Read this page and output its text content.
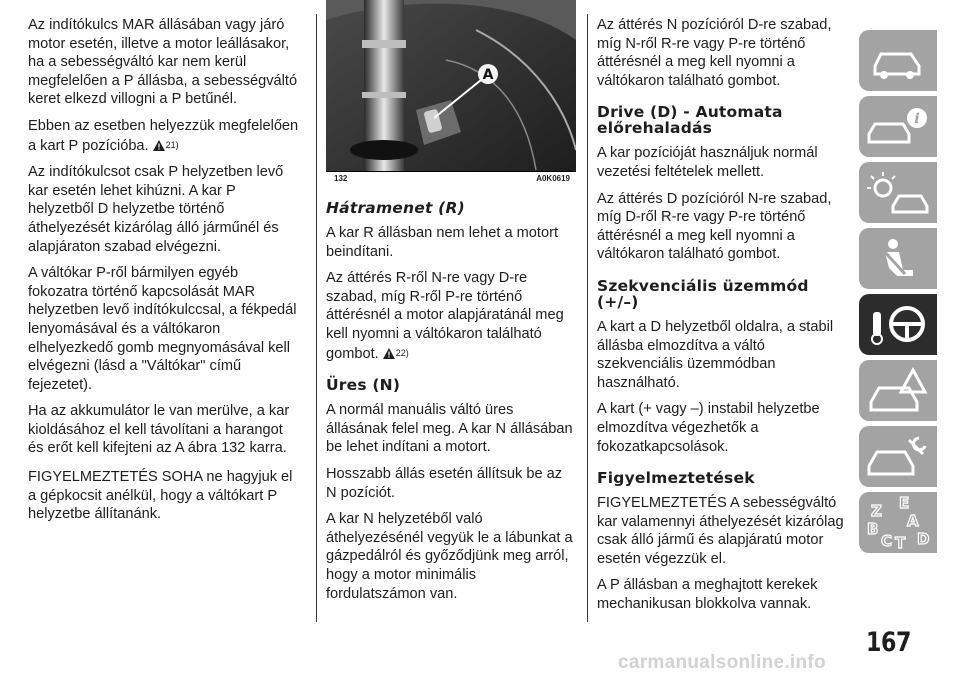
Az indítókulcs MAR állásában vagy járó motor esetén, illetve a motor leállásakor, ha a sebességváltó kar nem kerül megfelelően a P állásba, a sebességváltó keret elkezd villogni a P betűnél.

Ebben az esetben helyezzük megfelelően a kart P pozícióba. 21)

Az indítókulcsot csak P helyzetben levő kar esetén lehet kihúzni. A kar P helyzetből D helyzetbe történő áthelyezését kizárólag álló járműnél és alapjáraton szabad elvégezni.

A váltókar P-ről bármilyen egyéb fokozatra történő kapcsolását MAR helyzetben levő indítókulccsal, a fékpedál lenyomásával és a váltókaron elhelyezkedő gomb megnyomásával kell elvégezni (lásd a "Váltókar" című fejezetet).

Ha az akkumulátor le van merülve, a kar kioldásához el kell távolítani a harangot és erőt kell kifejteni az A ábra 132 karra.

FIGYELMEZTETÉS SOHA ne hagyjuk el a gépkocsit anélkül, hogy a váltókart P helyzetbe állítanánk.

A
132	A0K0619
Hátramenet (R)

A kar R állásban nem lehet a motort beindítani.

Az áttérés R-ről N-re vagy D-re szabad, míg R-ről P-re történő áttérésnél a motor alapjáratánál meg kell nyomni a váltókaron található gombot. 22)

Üres (N)

A normál manuális váltó üres állásának felel meg. A kar N állásában be lehet indítani a motort.

Hosszabb állás esetén állítsuk be az N pozíciót.

A kar N helyzetéből való áthelyezésénél vegyük le a lábunkat a gázpedálról és győződjünk meg arról, hogy a motor minimális fordulatszámon van.

Az áttérés N pozícióról D-re szabad, míg N-ről R-re vagy P-re történő áttérésnél a meg kell nyomni a váltókaron található gombot.

Drive (D) - Automata előrehaladás

A kar pozícióját használjuk normál vezetési feltételek mellett.

Az áttérés D pozícióról N-re szabad, míg D-ről R-re vagy P-re történő áttérésnél a meg kell nyomni a váltókaron található gombot.

Szekvenciális üzemmód (+/–)

A kart a D helyzetből oldalra, a stabil állásba elmozdítva a váltó szekvenciális üzemmódban használható.

A kart (+ vagy –) instabil helyzetbe elmozdítva végezhetők a fokozatkapcsolások.

Figyelmeztetések

FIGYELMEZTETÉS A sebességváltó kar valamennyi áthelyezését kizárólag csak álló jármű és alapjáratú motor esetén végezzük el.

A P állásban a meghajtott kerekek mechanikusan blokkolva vannak.

i
Z E
A
B
C T D
167
carmanualsonline.info
